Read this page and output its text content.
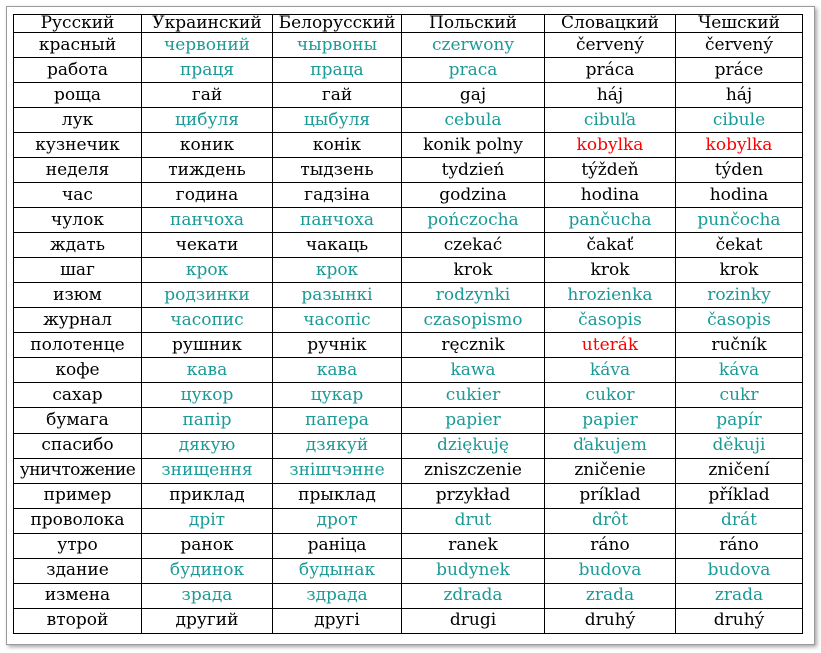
Русский	Украинский	Белорусский	Польский	Словацкий	Чешский
красный	червоний	чырвоны	czerwony	červený	červený
работа	праця	праца	praca	práca	práce
роща	гай	гай	gaj	háj	háj
лук	цибуля	цыбуля	cebula	cibuľa	cibule
кузнечик	коник	конік	konik polny	kobylka	kobylka
неделя	тиждень	тыдзень	tydzień	týždeň	týden
час	година	гадзіна	godzina	hodina	hodina
чулок	панчоха	панчоха	pończocha	pančucha	punčocha
ждать	чекати	чакаць	czekać	čakať	čekat
шаг	крок	крок	krok	krok	krok
изюм	родзинки	разынкі	rodzynki	hrozienka	rozinky
журнал	часопис	часопіс	czasopismo	časopis	časopis
полотенце	рушник	ручнік	ręcznik	uterák	ručník
кофе	кава	кава	kawa	káva	káva
сахар	цукор	цукар	cukier	cukor	cukr
бумага	папір	папера	papier	papier	papír
спасибо	дякую	дзякуй	dziękuję	ďakujem	děkuji
уничтожение	знищення	знішчэнне	zniszczenie	zničenie	zničení
пример	приклад	прыклад	przykład	príklad	příklad
проволока	дріт	дрот	drut	drôt	drát
утро	ранок	раніца	ranek	ráno	ráno
здание	будинок	будынак	budynek	budova	budova
измена	зрада	здрада	zdrada	zrada	zrada
второй	другий	другі	drugi	druhý	druhý
